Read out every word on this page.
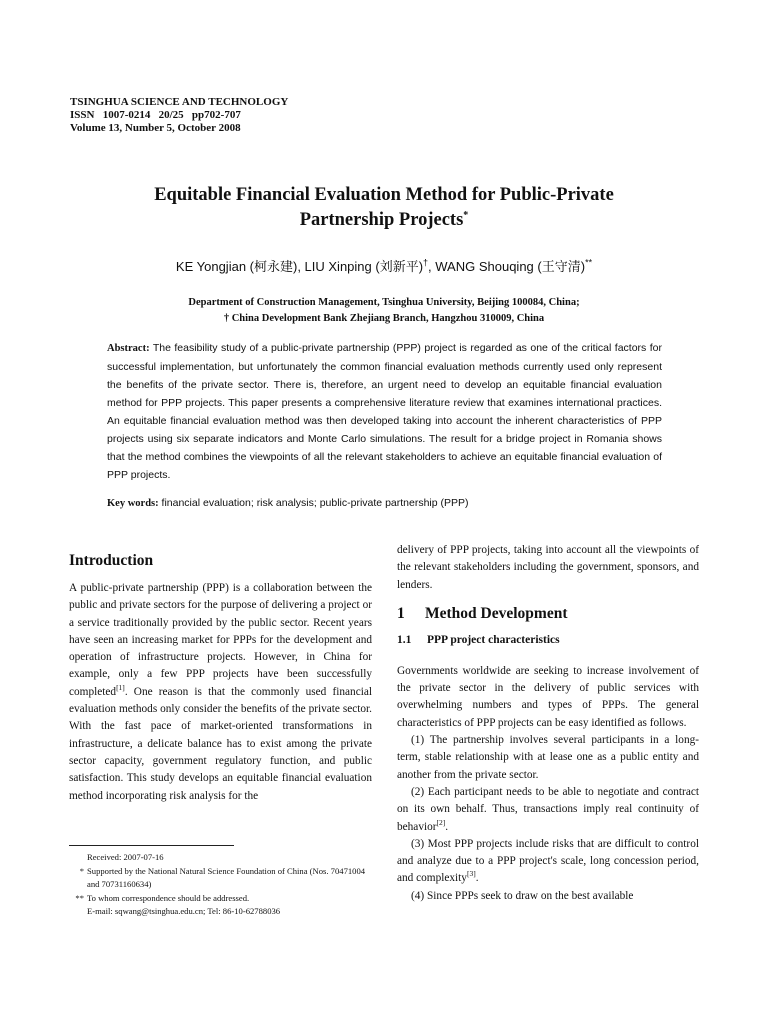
TSINGHUA SCIENCE AND TECHNOLOGY
ISSN   1007-0214   20/25   pp702-707
Volume 13, Number 5, October 2008
Equitable Financial Evaluation Method for Public-Private
Partnership Projects*
KE Yongjian (柯永建), LIU Xinping (刘新平)†, WANG Shouqing (王守清)**
Department of Construction Management, Tsinghua University, Beijing 100084, China;
† China Development Bank Zhejiang Branch, Hangzhou 310009, China
Abstract: The feasibility study of a public-private partnership (PPP) project is regarded as one of the critical factors for successful implementation, but unfortunately the common financial evaluation methods currently used only represent the benefits of the private sector. There is, therefore, an urgent need to develop an equitable financial evaluation method for PPP projects. This paper presents a comprehensive literature review that examines international practices. An equitable financial evaluation method was then developed taking into account the inherent characteristics of PPP projects using six separate indicators and Monte Carlo simulations. The result for a bridge project in Romania shows that the method combines the viewpoints of all the relevant stakeholders to achieve an equitable financial evaluation of PPP projects.
Key words: financial evaluation; risk analysis; public-private partnership (PPP)
Introduction

A public-private partnership (PPP) is a collaboration between the public and private sectors for the purpose of delivering a project or a service traditionally provided by the public sector. Recent years have seen an increasing market for PPPs for the development and operation of infrastructure projects. However, in China for example, only a few PPP projects have been successfully completed[1]. One reason is that the commonly used financial evaluation methods only consider the benefits of the private sector. With the fast pace of market-oriented transformations in infrastructure, a delicate balance has to exist among the private sector capacity, government regulatory function, and public satisfaction. This study develops an equitable financial evaluation method incorporating risk analysis for the

delivery of PPP projects, taking into account all the viewpoints of the relevant stakeholders including the government, sponsors, and lenders.

1 Method Development
1.1 PPP project characteristics

Governments worldwide are seeking to increase involvement of the private sector in the delivery of public services with overwhelming numbers and types of PPPs. The general characteristics of PPP projects can be easy identified as follows.

(1) The partnership involves several participants in a long-term, stable relationship with at lease one as a public entity and another from the private sector.

(2) Each participant needs to be able to negotiate and contract on its own behalf. Thus, transactions imply real continuity of behavior[2].

(3) Most PPP projects include risks that are difficult to control and analyze due to a PPP project's scale, long concession period, and complexity[3].

(4) Since PPPs seek to draw on the best available

Received: 2007-07-16
* Supported by the National Natural Science Foundation of China (Nos. 70471004 and 70731160634)
** To whom correspondence should be addressed.
E-mail: sqwang@tsinghua.edu.cn; Tel: 86-10-62788036
